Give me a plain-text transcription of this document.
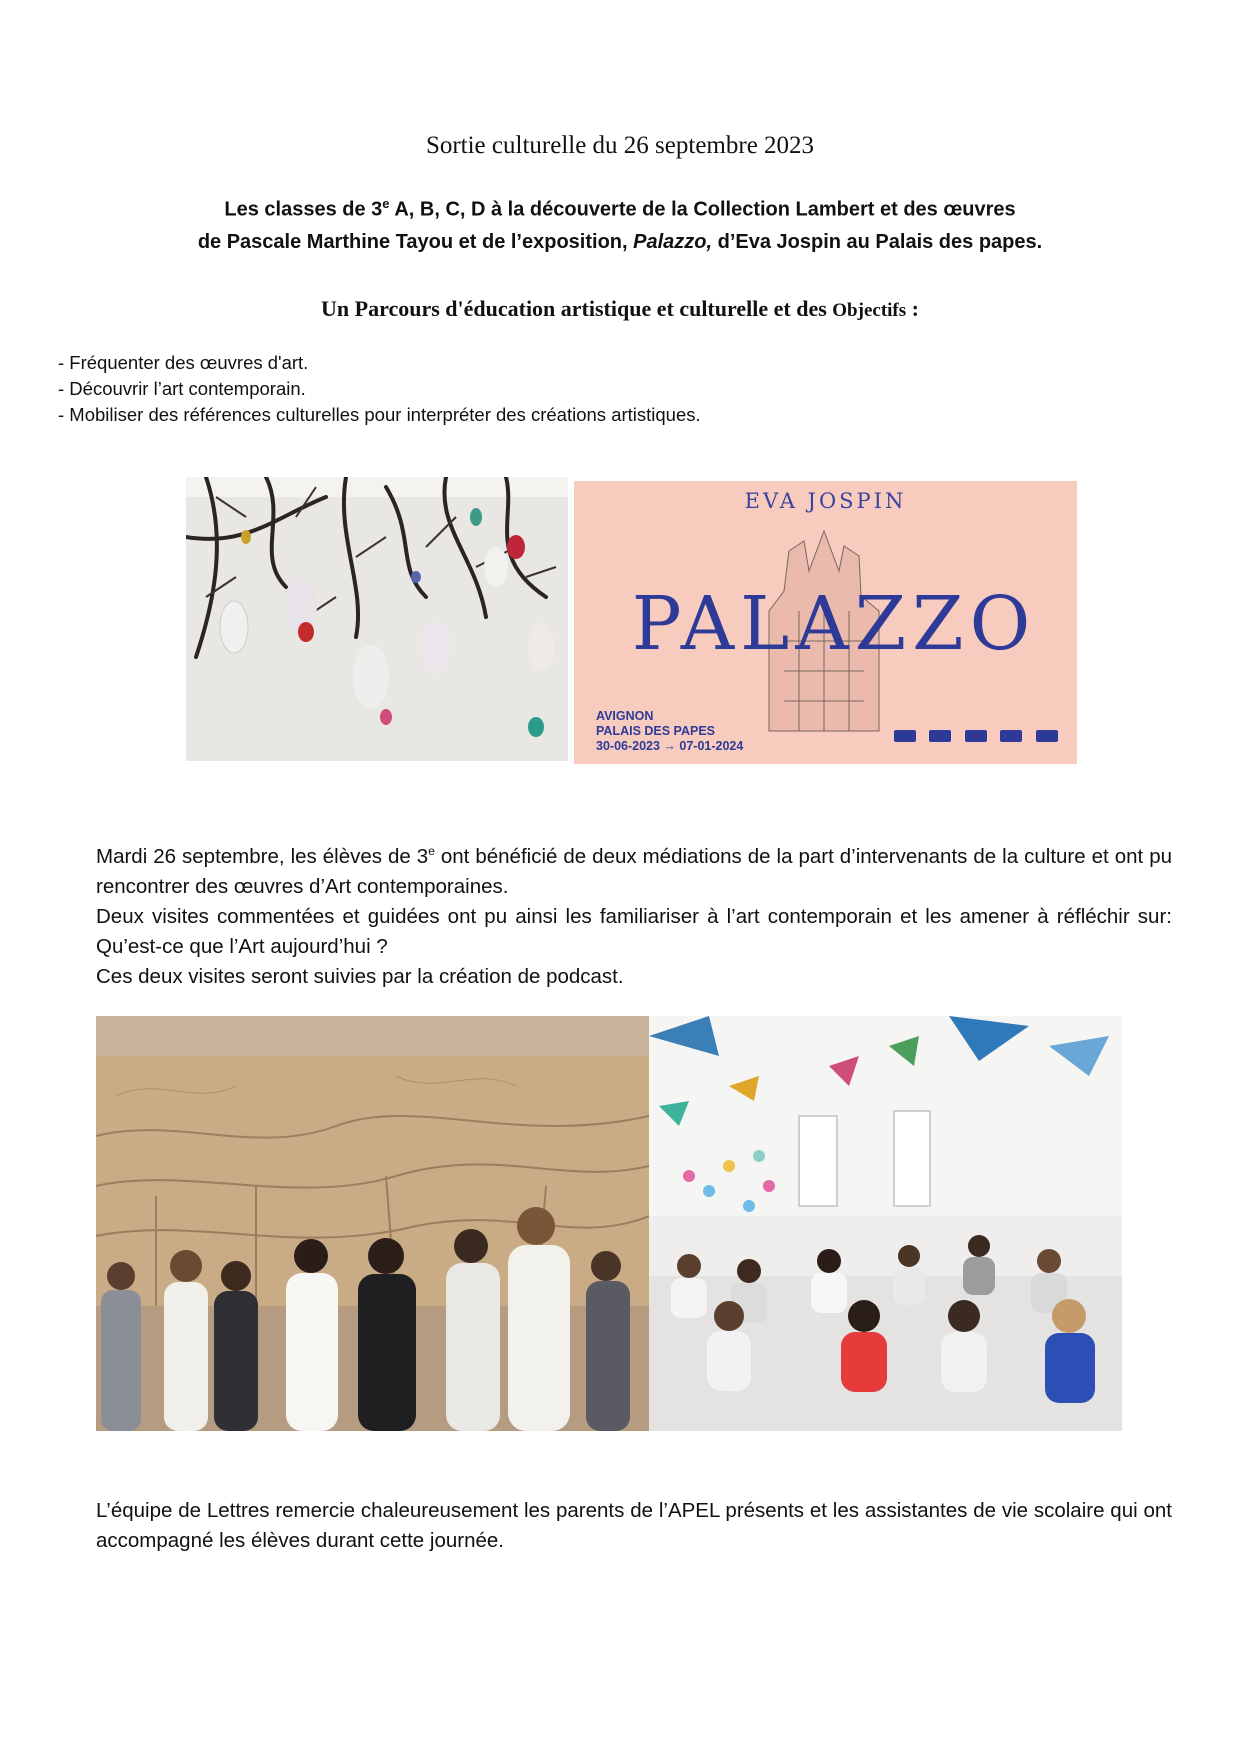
Sortie culturelle du 26 septembre 2023
Les classes de 3e A, B, C, D à la découverte de la Collection Lambert et des œuvres
de Pascale Marthine Tayou et de l’exposition, Palazzo, d’Eva Jospin au Palais des papes.
Un Parcours d'éducation artistique et culturelle et des Objectifs :
- Fréquenter des œuvres d'art.
- Découvrir l’art contemporain.
- Mobiliser des références culturelles pour interpréter des créations artistiques.
EVA JOSPIN
PALAZZO
AVIGNON
PALAIS DES PAPES
30-06-2023 → 07-01-2024

Mardi 26 septembre, les élèves de 3e ont bénéficié de deux médiations de la part d’intervenants de la culture et ont pu rencontrer des œuvres d’Art contemporaines.

Deux visites commentées et guidées ont pu ainsi les familiariser à l’art contemporain et les amener à réfléchir sur: Qu’est-ce que l’Art aujourd’hui ?

Ces deux visites seront suivies par la création de podcast.

L’équipe de Lettres remercie chaleureusement les parents de l’APEL présents et les assistantes de vie scolaire qui ont accompagné les élèves durant cette journée.
